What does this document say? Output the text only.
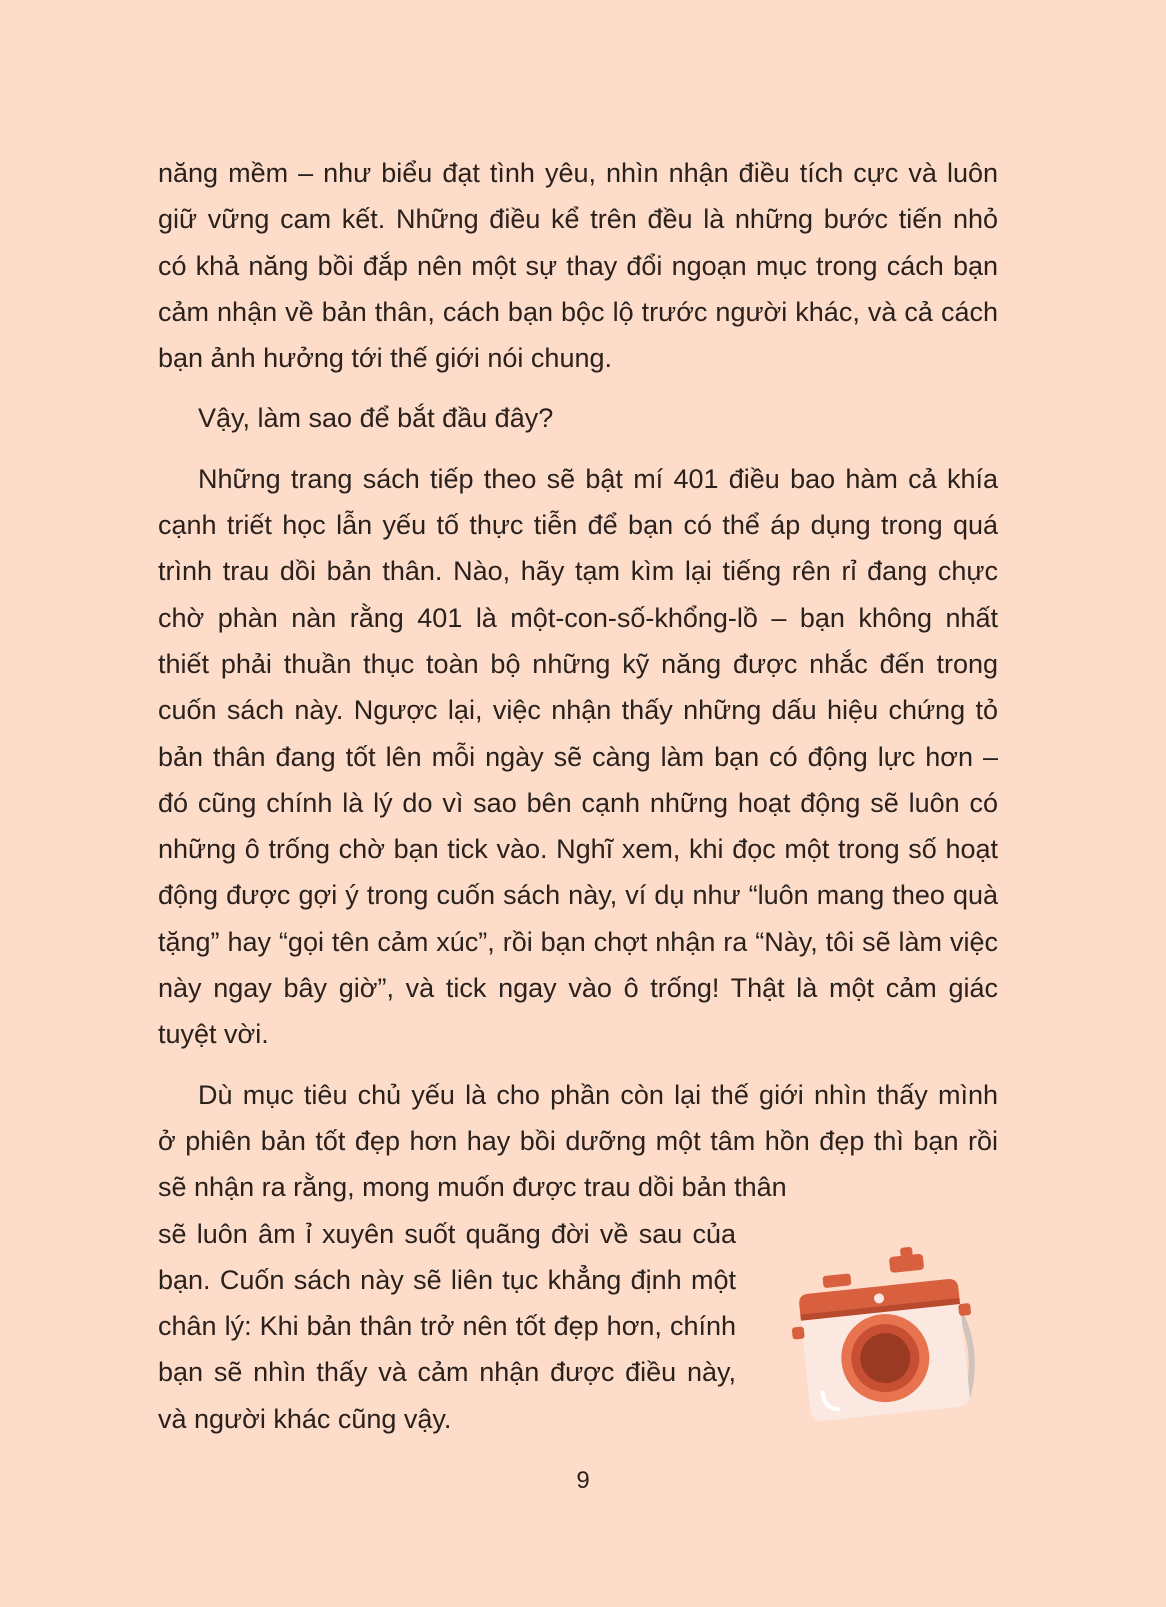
năng mềm – như biểu đạt tình yêu, nhìn nhận điều tích cực và luôn
giữ vững cam kết. Những điều kể trên đều là những bước tiến nhỏ
có khả năng bồi đắp nên một sự thay đổi ngoạn mục trong cách bạn
cảm nhận về bản thân, cách bạn bộc lộ trước người khác, và cả cách
bạn ảnh hưởng tới thế giới nói chung.

Vậy, làm sao để bắt đầu đây?

Những trang sách tiếp theo sẽ bật mí 401 điều bao hàm cả khía
cạnh triết học lẫn yếu tố thực tiễn để bạn có thể áp dụng trong quá
trình trau dồi bản thân. Nào, hãy tạm kìm lại tiếng rên rỉ đang chực
chờ phàn nàn rằng 401 là một-con-số-khổng-lồ – bạn không nhất
thiết phải thuần thục toàn bộ những kỹ năng được nhắc đến trong
cuốn sách này. Ngược lại, việc nhận thấy những dấu hiệu chứng tỏ
bản thân đang tốt lên mỗi ngày sẽ càng làm bạn có động lực hơn –
đó cũng chính là lý do vì sao bên cạnh những hoạt động sẽ luôn có
những ô trống chờ bạn tick vào. Nghĩ xem, khi đọc một trong số hoạt
động được gợi ý trong cuốn sách này, ví dụ như “luôn mang theo quà
tặng” hay “gọi tên cảm xúc”, rồi bạn chợt nhận ra “Này, tôi sẽ làm việc
này ngay bây giờ”, và tick ngay vào ô trống! Thật là một cảm giác
tuyệt vời.

Dù mục tiêu chủ yếu là cho phần còn lại thế giới nhìn thấy mình
ở phiên bản tốt đẹp hơn hay bồi dưỡng một tâm hồn đẹp thì bạn rồi

sẽ nhận ra rằng, mong muốn được trau dồi bản thân
sẽ luôn âm ỉ xuyên suốt quãng đời về sau của
bạn. Cuốn sách này sẽ liên tục khẳng định một
chân lý: Khi bản thân trở nên tốt đẹp hơn, chính
bạn sẽ nhìn thấy và cảm nhận được điều này,
và người khác cũng vậy.

9
